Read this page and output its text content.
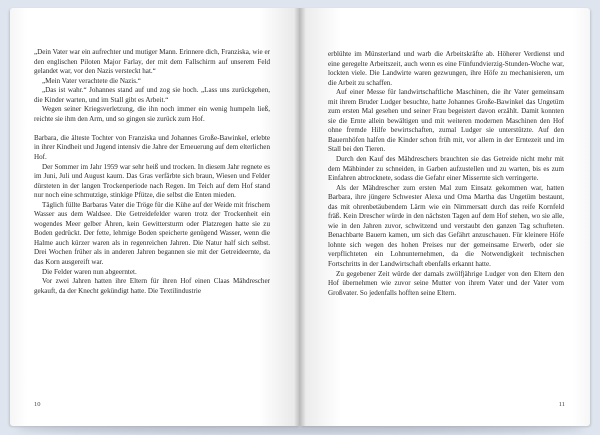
„Dein Vater war ein aufrechter und mutiger Mann. Erinnere dich, Franziska, wie er den englischen Piloten Major Farlay, der mit dem Fallschirm auf unserem Feld gelandet war, vor den Nazis versteckt hat.“

„Mein Vater verachtete die Nazis.“

„Das ist wahr.“ Johannes stand auf und zog sie hoch. „Lass uns zurückgehen, die Kinder warten, und im Stall gibt es Arbeit.“

Wegen seiner Kriegsverletzung, die ihn noch immer ein wenig humpeln ließ, reichte sie ihm den Arm, und so gingen sie zurück zum Hof.

Barbara, die älteste Tochter von Franziska und Johannes Große-Bawinkel, erlebte in ihrer Kindheit und Jugend intensiv die Jahre der Erneuerung auf dem elterlichen Hof.

Der Sommer im Jahr 1959 war sehr heiß und trocken. In diesem Jahr regnete es im Juni, Juli und August kaum. Das Gras verfärbte sich braun, Wiesen und Felder dürsteten in der langen Trockenperiode nach Regen. Im Teich auf dem Hof stand nur noch eine schmutzige, stinkige Pfütze, die selbst die Enten mieden.

Täglich füllte Barbaras Vater die Tröge für die Kühe auf der Weide mit frischem Wasser aus dem Waldsee. Die Getreidefelder waren trotz der Trockenheit ein wogendes Meer gelber Ähren, kein Gewittersturm oder Platzregen hatte sie zu Boden gedrückt. Der fette, lehmige Boden speicherte genügend Wasser, wenn die Halme auch kürzer waren als in regenreichen Jahren. Die Natur half sich selbst. Drei Wochen früher als in anderen Jahren begannen sie mit der Getreideernte, da das Korn ausgereift war.

Die Felder waren nun abgeerntet.

Vor zwei Jahren hatten ihre Eltern für ihren Hof einen Claas Mähdrescher gekauft, da der Knecht gekündigt hatte. Die Textilindustrie

10

erblühte im Münsterland und warb die Arbeitskräfte ab. Höherer Verdienst und eine geregelte Arbeitszeit, auch wenn es eine Fünfundvierzig-Stunden-Woche war, lockten viele. Die Landwirte waren gezwungen, ihre Höfe zu mechanisieren, um die Arbeit zu schaffen.

Auf einer Messe für landwirtschaftliche Maschinen, die ihr Vater gemeinsam mit ihrem Bruder Ludger besuchte, hatte Johannes Große-Bawinkel das Ungetüm zum ersten Mal gesehen und seiner Frau begeistert davon erzählt. Damit konnten sie die Ernte allein bewältigen und mit weiteren modernen Maschinen den Hof ohne fremde Hilfe bewirtschaften, zumal Ludger sie unterstützte. Auf den Bauernhöfen halfen die Kinder schon früh mit, vor allem in der Erntezeit und im Stall bei den Tieren.

Durch den Kauf des Mähdreschers brauchten sie das Getreide nicht mehr mit dem Mähbinder zu schneiden, in Garben aufzustellen und zu warten, bis es zum Einfahren abtrocknete, sodass die Gefahr einer Missernte sich verringerte.

Als der Mähdrescher zum ersten Mal zum Einsatz gekommen war, hatten Barbara, ihre jüngere Schwester Alexa und Oma Martha das Ungetüm bestaunt, das mit ohrenbetäubendem Lärm wie ein Nimmersatt durch das reife Kornfeld fräß. Kein Drescher würde in den nächsten Tagen auf dem Hof stehen, wo sie alle, wie in den Jahren zuvor, schwitzend und verstaubt den ganzen Tag schufteten. Benachbarte Bauern kamen, um sich das Gefährt anzuschauen. Für kleinere Höfe lohnte sich wegen des hohen Preises nur der gemeinsame Erwerb, oder sie verpflichteten ein Lohnunternehmen, da die Notwendigkeit technischen Fortschritts in der Landwirtschaft ebenfalls erkannt hatte.

Zu gegebener Zeit würde der damals zwölfjährige Ludger von den Eltern den Hof übernehmen wie zuvor seine Mutter von ihrem Vater und der Vater vom Großvater. So jedenfalls hofften seine Eltern.

11
